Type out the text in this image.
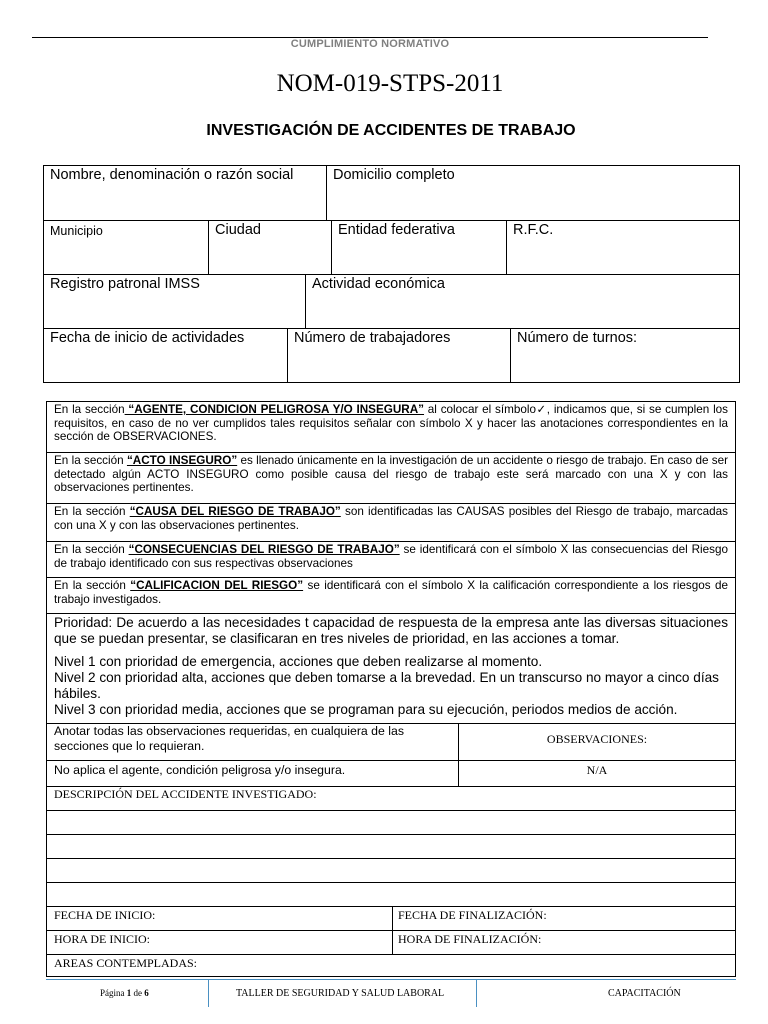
CUMPLIMIENTO NORMATIVO
NOM-019-STPS-2011
INVESTIGACIÓN DE ACCIDENTES DE TRABAJO
Nombre, denominación o razón social	Domicilio completo
Municipio	Ciudad	Entidad federativa	R.F.C.
Registro patronal IMSS	Actividad económica
Fecha de inicio de actividades	Número de trabajadores	Número de turnos:
En la sección “AGENTE, CONDICION PELIGROSA Y/O INSEGURA” al colocar el símbolo✓, indicamos que, si se cumplen los requisitos, en caso de no ver cumplidos tales requisitos señalar con símbolo X y hacer las anotaciones correspondientes en la sección de OBSERVACIONES.
En la sección “ACTO INSEGURO” es llenado únicamente en la investigación de un accidente o riesgo de trabajo. En caso de ser detectado algún ACTO INSEGURO como posible causa del riesgo de trabajo este será marcado con una X y con las observaciones pertinentes.
En la sección “CAUSA DEL RIESGO DE TRABAJO” son identificadas las CAUSAS posibles del Riesgo de trabajo, marcadas con una X y con las observaciones pertinentes.
En la sección “CONSECUENCIAS DEL RIESGO DE TRABAJO” se identificará con el símbolo X las consecuencias del Riesgo de trabajo identificado con sus respectivas observaciones
En la sección “CALIFICACION DEL RIESGO” se identificará con el símbolo X la calificación correspondiente a los riesgos de trabajo investigados.
Prioridad: De acuerdo a las necesidades t capacidad de respuesta de la empresa ante las diversas situaciones que se puedan presentar, se clasificaran en tres niveles de prioridad, en las acciones a tomar.
Nivel 1 con prioridad de emergencia, acciones que deben realizarse al momento.
Nivel 2 con prioridad alta, acciones que deben tomarse a la brevedad. En un transcurso no mayor a cinco días hábiles.
Nivel 3 con prioridad media, acciones que se programan para su ejecución, periodos medios de acción.
Anotar todas las observaciones requeridas, en cualquiera de las secciones que lo requieran.	OBSERVACIONES:
No aplica el agente, condición peligrosa y/o insegura.	N/A
DESCRIPCIÓN DEL ACCIDENTE INVESTIGADO:
FECHA DE INICIO:	FECHA DE FINALIZACIÓN:
HORA DE INICIO:	HORA DE FINALIZACIÓN:
AREAS CONTEMPLADAS:
Página 1 de 6	TALLER DE SEGURIDAD Y SALUD LABORAL	CAPACITACIÓN
